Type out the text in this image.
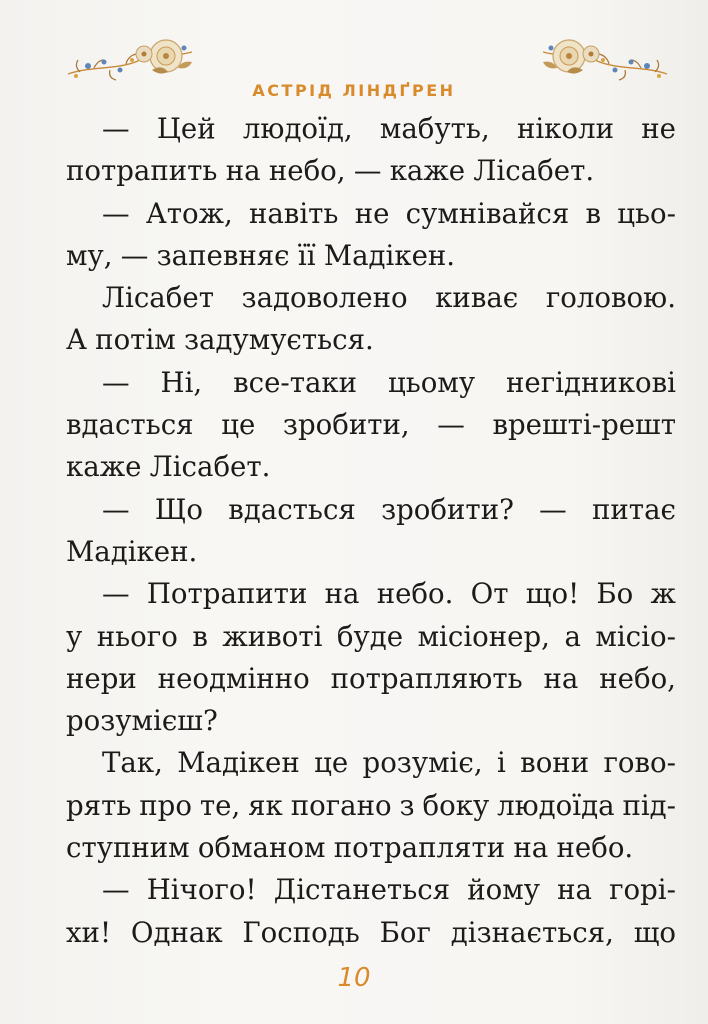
АСТРІД ЛІНДҐРЕН
— Цей людоїд, мабуть, ніколи не
потрапить на небо, — каже Лісабет.
— Атож, навіть не сумнівайся в цьо-
му, — запевняє її Мадікен.
Лісабет задоволено киває головою.
А потім задумується.
— Ні, все-таки цьому негідникові
вдасться це зробити, — врешті-решт
каже Лісабет.
— Що вдасться зробити? — питає
Мадікен.
— Потрапити на небо. От що! Бо ж
у нього в животі буде місіонер, а місіо-
нери неодмінно потрапляють на небо,
розумієш?
Так, Мадікен це розуміє, і вони гово-
рять про те, як погано з боку людоїда під-
ступним обманом потрапляти на небо.
— Нічого! Дістанеться йому на горі-
хи! Однак Господь Бог дізнається, що
10
